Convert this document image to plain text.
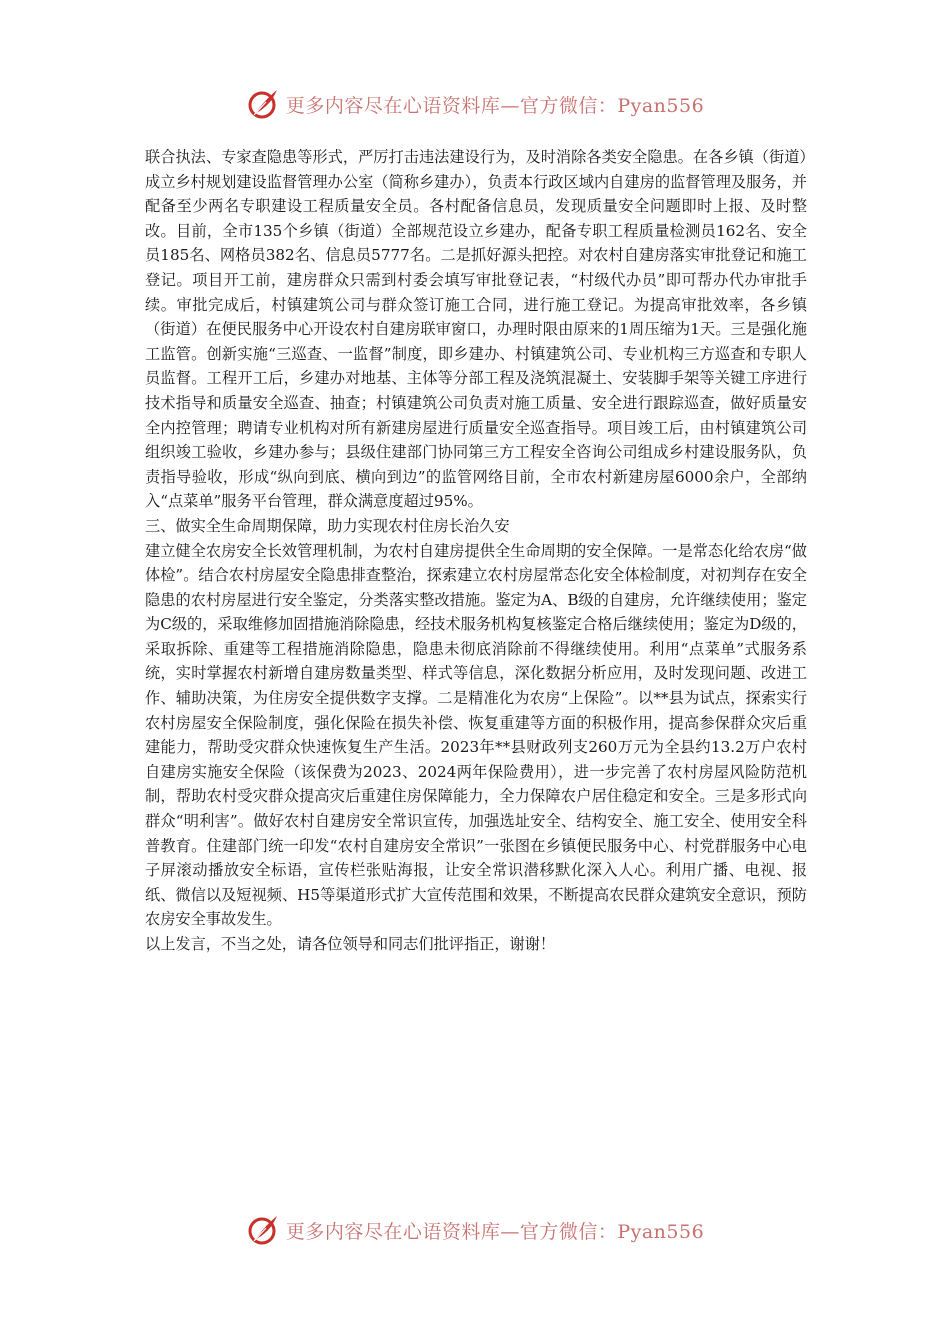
更多内容尽在心语资料库—官方微信：Pyan556

联合执法、专家查隐患等形式，严厉打击违法建设行为，及时消除各类安全隐患。在各乡镇（街道）成立乡村规划建设监督管理办公室（简称乡建办），负责本行政区域内自建房的监督管理及服务，并配备至少两名专职建设工程质量安全员。各村配备信息员，发现质量安全问题即时上报、及时整改。目前，全市135个乡镇（街道）全部规范设立乡建办，配备专职工程质量检测员162名、安全员185名、网格员382名、信息员5777名。二是抓好源头把控。对农村自建房落实审批登记和施工登记。项目开工前，建房群众只需到村委会填写审批登记表，“村级代办员”即可帮办代办审批手续。审批完成后，村镇建筑公司与群众签订施工合同，进行施工登记。为提高审批效率，各乡镇（街道）在便民服务中心开设农村自建房联审窗口，办理时限由原来的1周压缩为1天。三是强化施工监管。创新实施“三巡查、一监督”制度，即乡建办、村镇建筑公司、专业机构三方巡查和专职人员监督。工程开工后，乡建办对地基、主体等分部工程及浇筑混凝土、安装脚手架等关键工序进行技术指导和质量安全巡查、抽查；村镇建筑公司负责对施工质量、安全进行跟踪巡查，做好质量安全内控管理；聘请专业机构对所有新建房屋进行质量安全巡查指导。项目竣工后，由村镇建筑公司组织竣工验收，乡建办参与；县级住建部门协同第三方工程安全咨询公司组成乡村建设服务队，负责指导验收，形成“纵向到底、横向到边”的监管网络目前，全市农村新建房屋6000余户，全部纳入“点菜单”服务平台管理，群众满意度超过95%。

三、做实全生命周期保障，助力实现农村住房长治久安

建立健全农房安全长效管理机制，为农村自建房提供全生命周期的安全保障。一是常态化给农房“做体检”。结合农村房屋安全隐患排查整治，探索建立农村房屋常态化安全体检制度，对初判存在安全隐患的农村房屋进行安全鉴定，分类落实整改措施。鉴定为A、B级的自建房，允许继续使用；鉴定为C级的，采取维修加固措施消除隐患，经技术服务机构复核鉴定合格后继续使用；鉴定为D级的，采取拆除、重建等工程措施消除隐患，隐患未彻底消除前不得继续使用。利用“点菜单”式服务系统，实时掌握农村新增自建房数量类型、样式等信息，深化数据分析应用，及时发现问题、改进工作、辅助决策，为住房安全提供数字支撑。二是精准化为农房“上保险”。以**县为试点，探索实行农村房屋安全保险制度，强化保险在损失补偿、恢复重建等方面的积极作用，提高参保群众灾后重建能力，帮助受灾群众快速恢复生产生活。2023年**县财政列支260万元为全县约13.2万户农村自建房实施安全保险（该保费为2023、2024两年保险费用），进一步完善了农村房屋风险防范机制，帮助农村受灾群众提高灾后重建住房保障能力，全力保障农户居住稳定和安全。三是多形式向群众“明利害”。做好农村自建房安全常识宣传，加强选址安全、结构安全、施工安全、使用安全科普教育。住建部门统一印发“农村自建房安全常识”一张图在乡镇便民服务中心、村党群服务中心电子屏滚动播放安全标语，宣传栏张贴海报，让安全常识潜移默化深入人心。利用广播、电视、报纸、微信以及短视频、H5等渠道形式扩大宣传范围和效果，不断提高农民群众建筑安全意识，预防农房安全事故发生。

以上发言，不当之处，请各位领导和同志们批评指正，谢谢！

更多内容尽在心语资料库—官方微信：Pyan556
